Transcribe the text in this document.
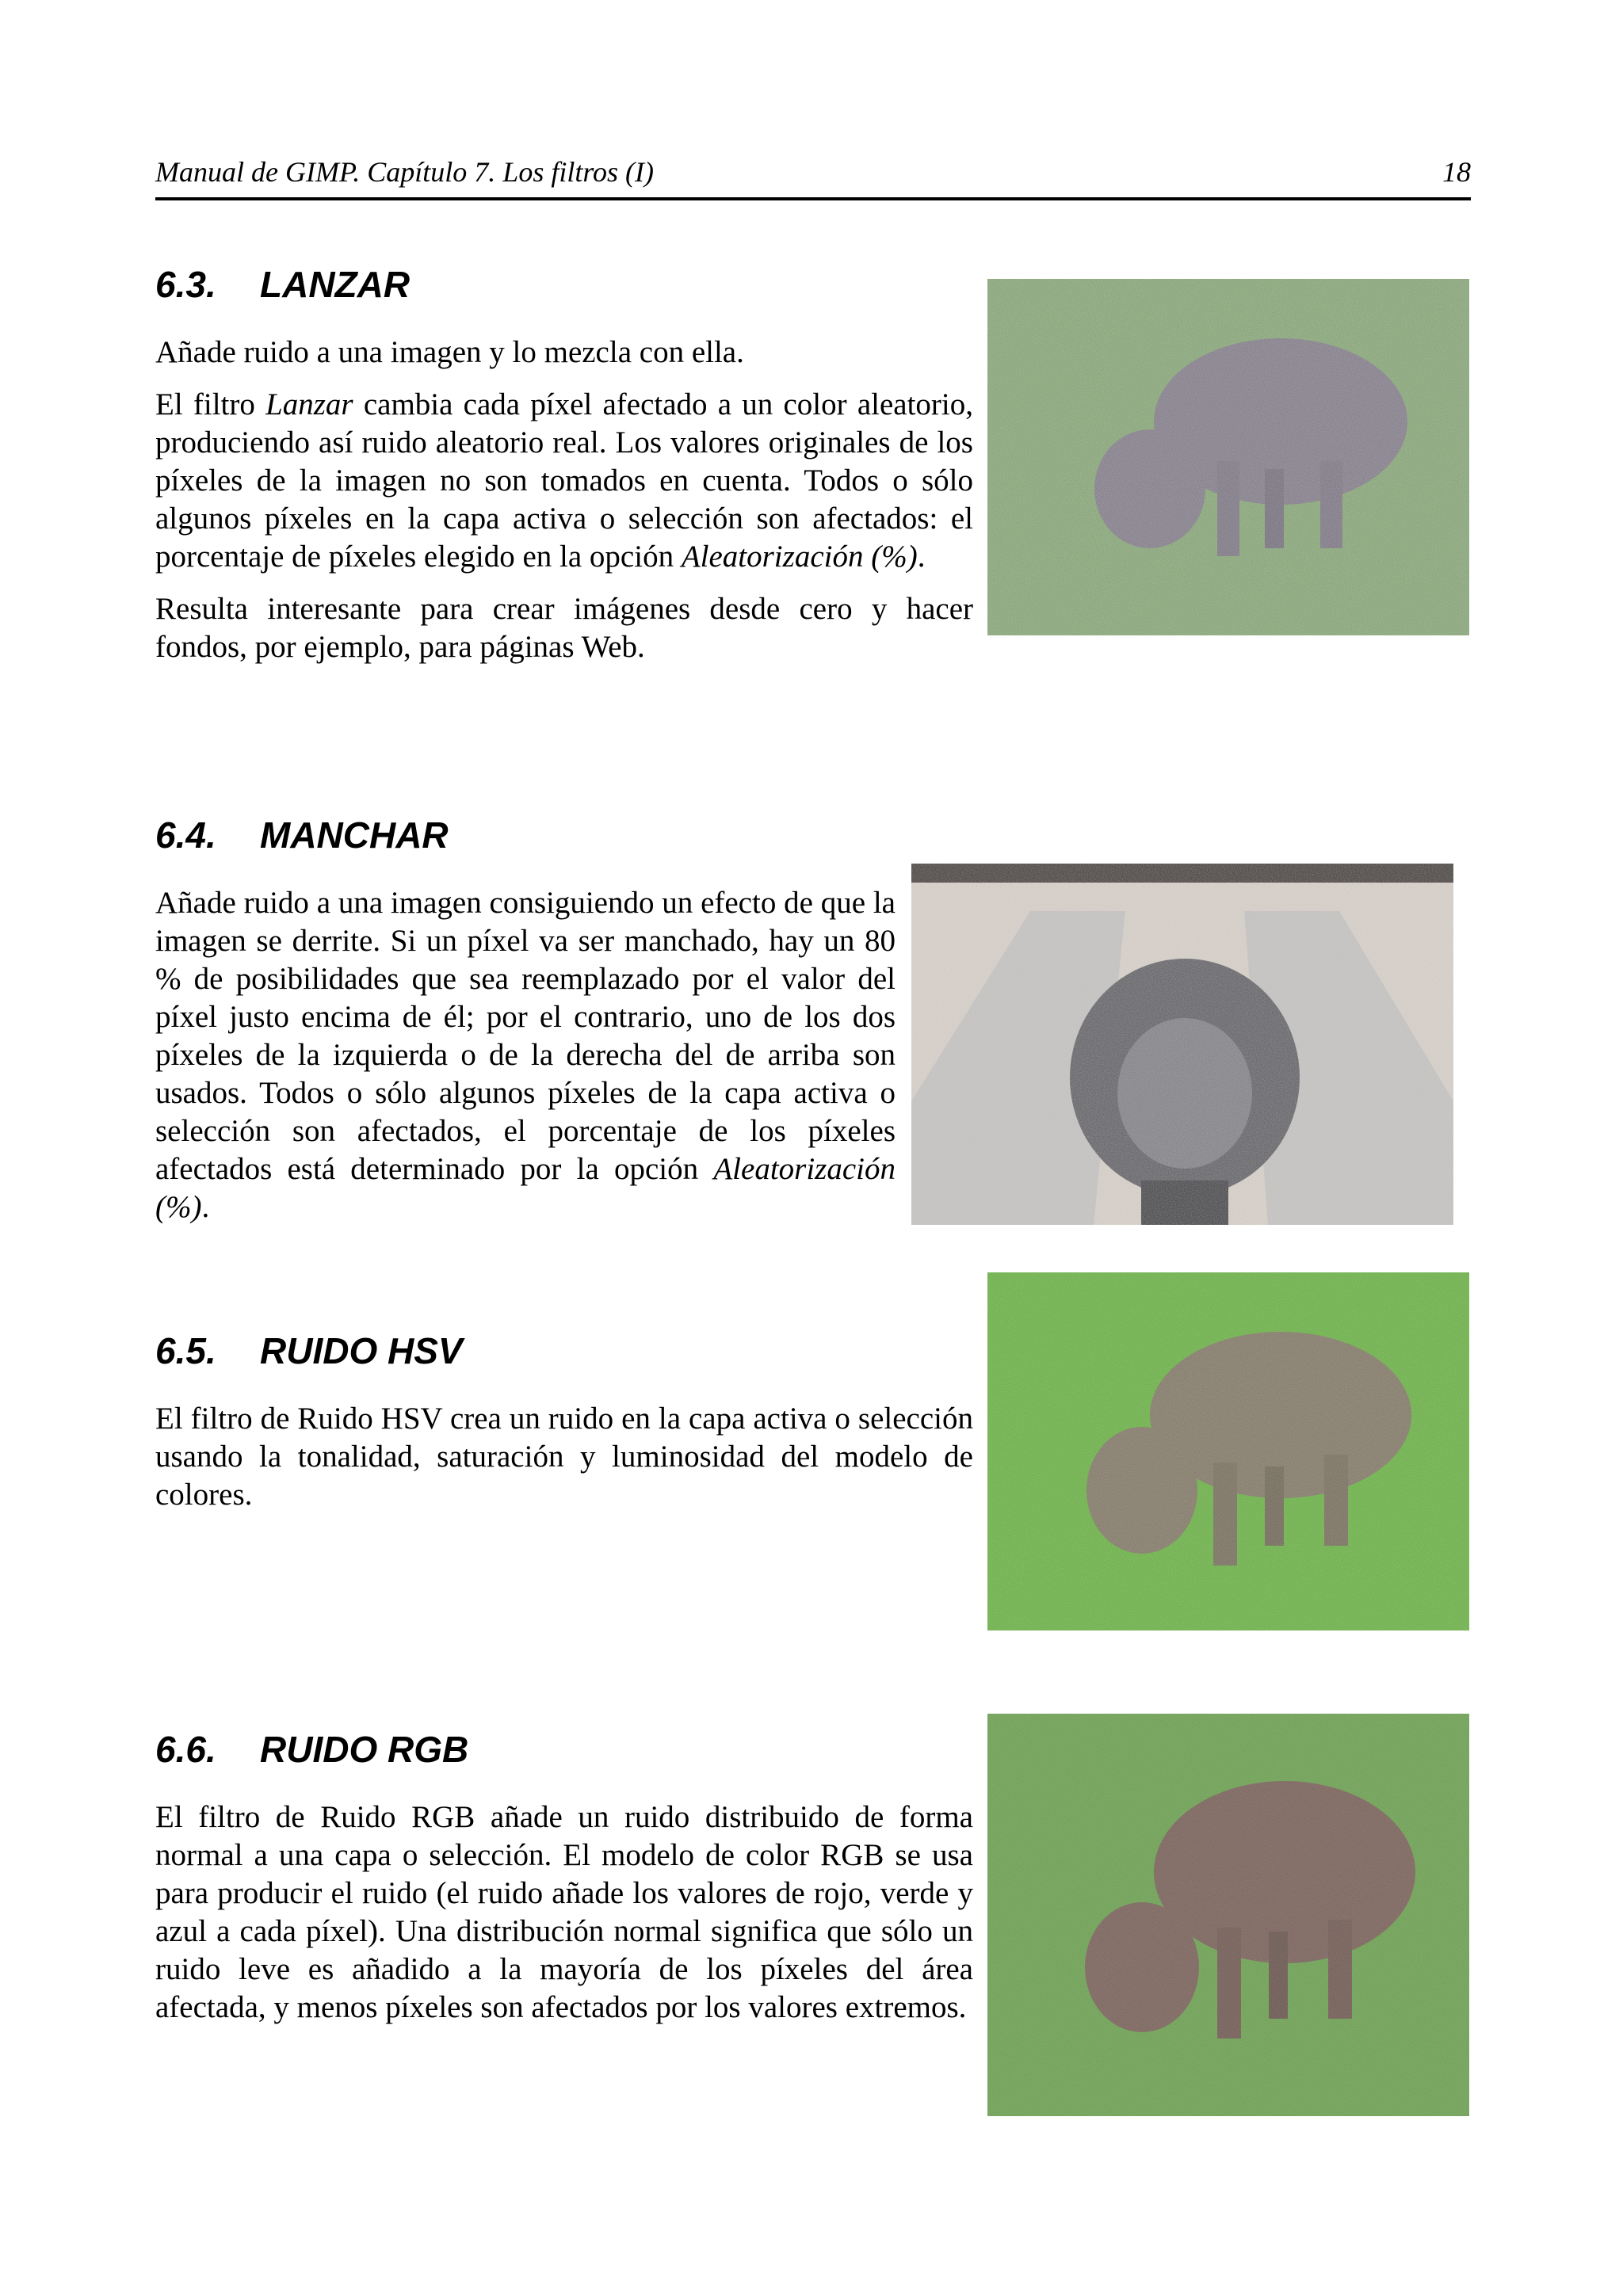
Manual de GIMP. Capítulo 7. Los filtros (I)	18
6.3.	LANZAR

Añade ruido a una imagen y lo mezcla con ella.

El filtro Lanzar cambia cada píxel afectado a un color aleatorio, produciendo así ruido aleatorio real. Los valores originales de los píxeles de la imagen no son tomados en cuenta. Todos o sólo algunos píxeles en la capa activa o selección son afectados: el porcentaje de píxeles elegido en la opción Aleatorización (%).

Resulta interesante para crear imágenes desde cero y hacer fondos, por ejemplo, para páginas Web.

6.4.	MANCHAR

Añade ruido a una imagen consiguiendo un efecto de que la imagen se derrite. Si un píxel va ser manchado, hay un 80 % de posibilidades que sea reemplazado por el valor del píxel justo encima de él; por el contrario, uno de los dos píxeles de la izquierda o de la derecha del de arriba son usados. Todos o sólo algunos píxeles de la capa activa o selección son afectados, el porcentaje de los píxeles afectados está determinado por la opción Aleatorización (%).

6.5.	RUIDO HSV

El filtro de Ruido HSV crea un ruido en la capa activa o selección usando la tonalidad, saturación y luminosidad del modelo de colores.

6.6.	RUIDO RGB

El filtro de Ruido RGB añade un ruido distribuido de forma normal a una capa o selección. El modelo de color RGB se usa para producir el ruido (el ruido añade los valores de rojo, verde y azul a cada píxel). Una distribución normal significa que sólo un ruido leve es añadido a la mayoría de los píxeles del área afectada, y menos píxeles son afectados por los valores extremos.
